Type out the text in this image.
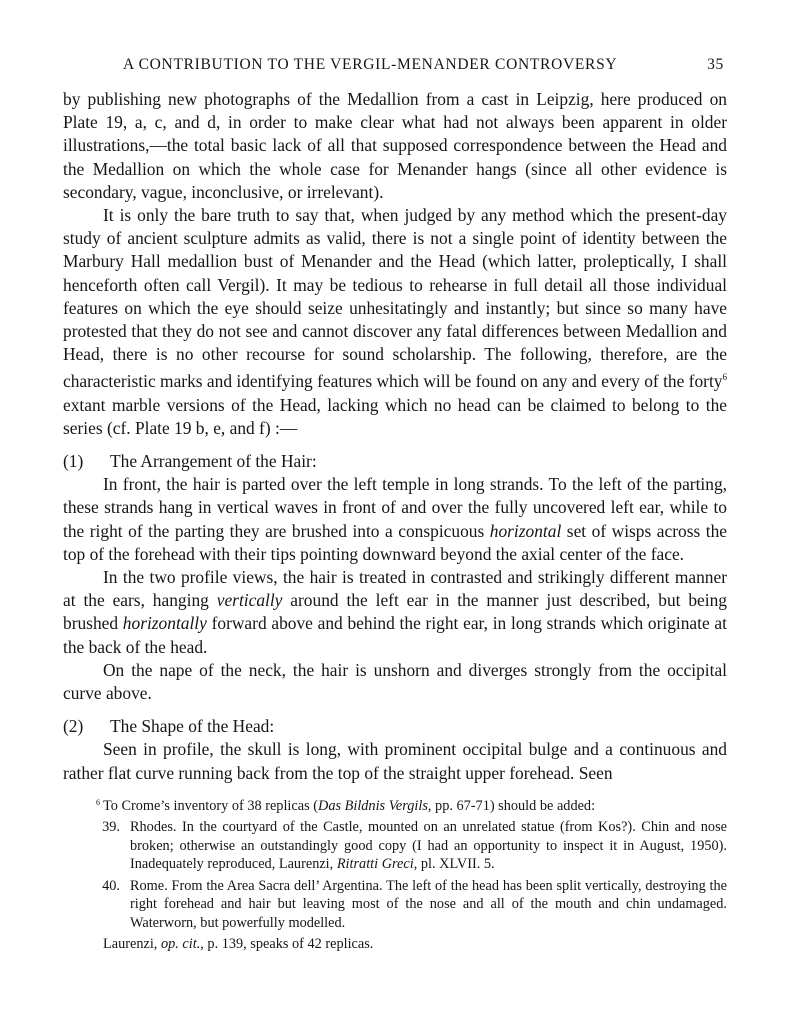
A CONTRIBUTION TO THE VERGIL-MENANDER CONTROVERSY	35

by publishing new photographs of the Medallion from a cast in Leipzig, here produced on Plate 19, a, c, and d, in order to make clear what had not always been apparent in older illustrations,—the total basic lack of all that supposed correspondence between the Head and the Medallion on which the whole case for Menander hangs (since all other evidence is secondary, vague, inconclusive, or irrelevant).

It is only the bare truth to say that, when judged by any method which the present-day study of ancient sculpture admits as valid, there is not a single point of identity between the Marbury Hall medallion bust of Menander and the Head (which latter, proleptically, I shall henceforth often call Vergil). It may be tedious to rehearse in full detail all those individual features on which the eye should seize unhesitatingly and instantly; but since so many have protested that they do not see and cannot discover any fatal differences between Medallion and Head, there is no other recourse for sound scholarship. The following, therefore, are the characteristic marks and identifying features which will be found on any and every of the forty$^6$ extant marble versions of the Head, lacking which no head can be claimed to belong to the series (cf. Plate 19 b, e, and f) :—

(1) The Arrangement of the Hair:

In front, the hair is parted over the left temple in long strands. To the left of the parting, these strands hang in vertical waves in front of and over the fully uncovered left ear, while to the right of the parting they are brushed into a conspicuous horizontal set of wisps across the top of the forehead with their tips pointing downward beyond the axial center of the face.

In the two profile views, the hair is treated in contrasted and strikingly different manner at the ears, hanging vertically around the left ear in the manner just described, but being brushed horizontally forward above and behind the right ear, in long strands which originate at the back of the head.

On the nape of the neck, the hair is unshorn and diverges strongly from the occipital curve above.

(2) The Shape of the Head:

Seen in profile, the skull is long, with prominent occipital bulge and a continuous and rather flat curve running back from the top of the straight upper forehead. Seen

$^6$ To Crome’s inventory of 38 replicas (Das Bildnis Vergils, pp. 67-71) should be added:
39. Rhodes. In the courtyard of the Castle, mounted on an unrelated statue (from Kos?). Chin and nose broken; otherwise an outstandingly good copy (I had an opportunity to inspect it in August, 1950). Inadequately reproduced, Laurenzi, Ritratti Greci, pl. XLVII. 5.
40. Rome. From the Area Sacra dell’ Argentina. The left of the head has been split vertically, destroying the right forehead and hair but leaving most of the nose and all of the mouth and chin undamaged. Waterworn, but powerfully modelled.
Laurenzi, op. cit., p. 139, speaks of 42 replicas.
